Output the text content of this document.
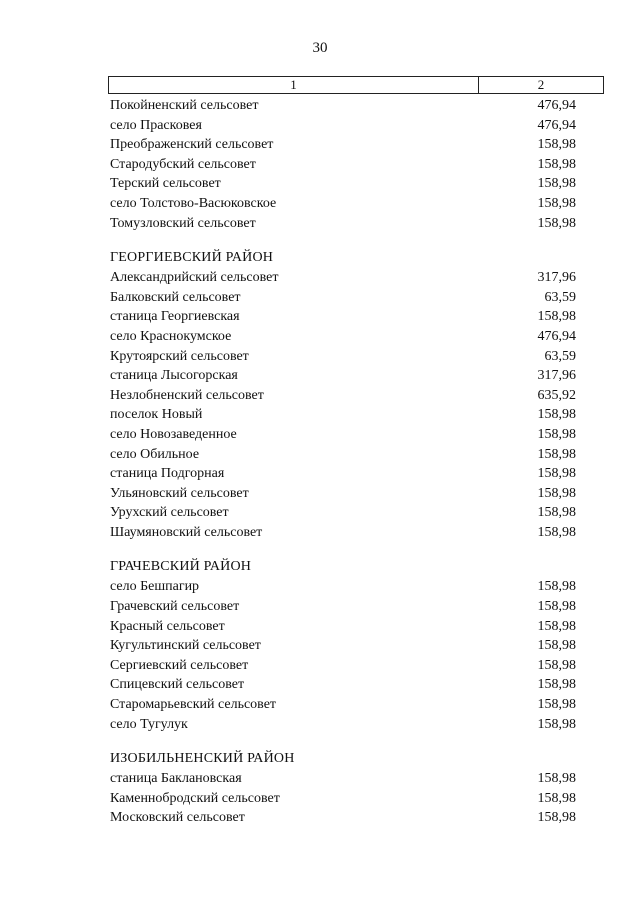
30
1	2
Покойненский сельсовет	476,94
село Прасковея	476,94
Преображенский сельсовет	158,98
Стародубский сельсовет	158,98
Терский сельсовет	158,98
село Толстово-Васюковское	158,98
Томузловский сельсовет	158,98
ГЕОРГИЕВСКИЙ РАЙОН
Александрийский сельсовет	317,96
Балковский сельсовет	63,59
станица Георгиевская	158,98
село Краснокумское	476,94
Крутоярский сельсовет	63,59
станица Лысогорская	317,96
Незлобненский сельсовет	635,92
поселок Новый	158,98
село Новозаведенное	158,98
село Обильное	158,98
станица Подгорная	158,98
Ульяновский сельсовет	158,98
Урухский сельсовет	158,98
Шаумяновский сельсовет	158,98
ГРАЧЕВСКИЙ РАЙОН
село Бешпагир	158,98
Грачевский сельсовет	158,98
Красный сельсовет	158,98
Кугультинский сельсовет	158,98
Сергиевский сельсовет	158,98
Спицевский сельсовет	158,98
Старомарьевский сельсовет	158,98
село Тугулук	158,98
ИЗОБИЛЬНЕНСКИЙ РАЙОН
станица Баклановская	158,98
Каменнобродский сельсовет	158,98
Московский сельсовет	158,98
